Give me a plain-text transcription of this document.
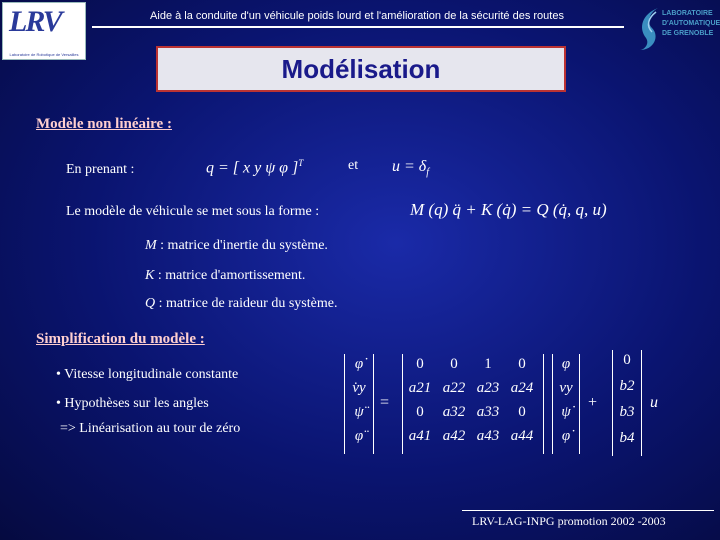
LRV
Laboratoire de Robotique de Versailles
Aide à la conduite d'un véhicule poids lourd et l'amélioration de la sécurité des routes	LABORATOIRE
D'AUTOMATIQUE
DE GRENOBLE
Modélisation
Modèle non linéaire :
En prenant :	q = [ x y ψ φ ]$^T$	et $u = \delta_f$
Le modèle de véhicule se met sous la forme :	M (q) q̈ + K (q̇) = Q (q̇, q, u)
M : matrice d'inertie du système.
K : matrice d'amortissement.
Q : matrice de raideur du système.
Simplification du modèle :
• Vitesse longitudinale constante
• Hypothèses sur les angles
=> Linéarisation au tour de zéro
φ̇
v̇y
ψ̈
φ̈
=
0	0	1	0
a21 a22 a23 a24
0	a32 a33	0
a41 a42 a43 a44
φ
vy
ψ̇
φ̇
+
0
b2
b3
b4
u
LRV-LAG-INPG promotion 2002 -2003
